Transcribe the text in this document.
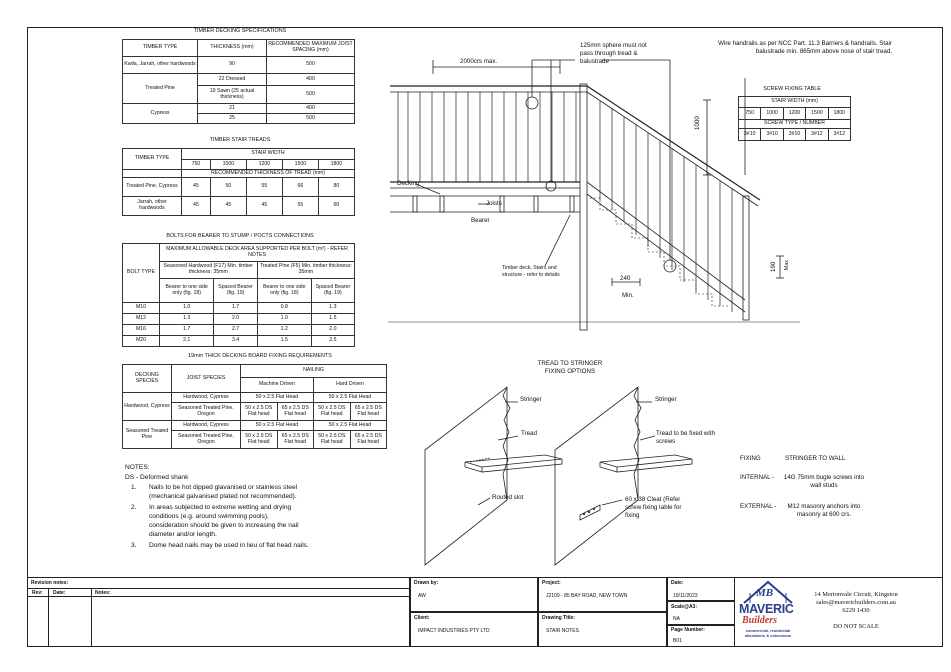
TIMBER DECKING SPECIFICATIONS
TIMBER TYPE	THICKNESS (mm)	RECOMMENDED MAXIMUM JOIST SPACING (mm)
Kwila, Jarrah, other hardwoods	90	500
Treated Pine	22 Dressed	400
	19 Sawn (25 actual thickness)	500
Cypress	21	400
	25	500
TIMBER STAIR TREADS
TIMBER TYPE	STAIR WIDTH				
	750	1000	1200	1500	1800
	RECOMMENDED THICKNESS OF TREAD (mm)				
Treated Pine, Cypress	45	50	55	66	80
Jarrah, other hardwoods	45	45	45	55	60
BOLTS FOR BEARER TO STUMP / POCTS CONNECTIONS
BOLT TYPE	MAXIMUM ALLOWABLE DECK AREA SUPPORTED PER BOLT (m²) - REFER NOTES			
	Seasoned Hardwood (F17) Min. timber thickness: 35mm		Treated Pine (F5) Min. timber thickness: 35mm	
	Bearer to one side only (fig. 18)	Spaced Bearer (fig. 19)	Bearer to one side only (fig. 18)	Spaced Bearer (fig. 19)
M10	1.0	1.7	0.8	1.3
M12	1.3	2.0	1.0	1.5
M16	1.7	2.7	1.2	2.0
M20	2.1	3.4	1.5	2.5
19mm THICK DECKING BOARD FIXING REQUIREMENTS
DECKING SPECIES	JOIST SPECIES	NAILING			
		Machine Driven		Hard Driven	
Hardwood, Cypress	Hardwood, Cypress	50 x 2.5 Flat Head		50 x 2.5 Flat Head	
	Seasoned Treated Pine, Oregon	50 x 2.5 DS Flat head	65 x 2.5 DS Flat head	50 x 2.5 DS Flat head	65 x 2.5 DS Flat head
Seasoned Treated Pine	Hardwood, Cypress	50 x 2.5 Flat Head		50 x 2.5 Flat Head	
	Seasoned Treated Pine, Oregon	50 x 2.5 DS Flat head	65 x 2.5 DS Flat head	50 x 2.5 DS Flat head	65 x 2.5 DS Flat head
NOTES:
DS - Deformed shank
1. Nails to be hot dipped glavanised or stainless steel (mechanical galvanised plated not recommended).
2. In areas subjected to extreme wetting and drying conditions (e.g. around swimming pools), consideration should be given to increasing the nail diameter and/or length.
3. Dome head nails may be used in lieu of flat head nails.
2000crs max.
125mm sphere must not pass through tread & balustrade
Wire handrails as per NCC Part. 11.3 Barriers & handrails. Stair balustrade min. 865mm above nose of stair tread.
1000
Decking
Joists
Bearer
Timber deck, Stairs and structure - refer to details
240
Min.
190 Max
SCREW FIXING TABLE
STAIR WIDTH (mm)				
750	1000	1200	1500	1800
SCREW TYPE / NUMBER				
3#10	3#10	3#10	3#12	3#12
TREAD TO STRINGER FIXING OPTIONS
Stringer
Tread
Routed slot
Stringer
Tread to be fixed with screws
60 x 38 Cleat (Refer screw fixing table for fixing
FIXING	STRINGER TO WALL
INTERNAL -	14G 75mm bugle screws into wall studs
EXTERNAL -	M12 masonry anchors into masonry at 600 crs.
Revision notes:
Rev: Date:	Notes:
Drawn by:
AW
Project:
J2109 - 85 BAY ROAD, NEW TOWN
Client:
IMPACT INDUSTRIES PTY LTD
Drawing Title:
STAIR NOTES
Date:
19/11/2023
Scale@A3:
NA
Page Number:
B01
MB
MAVERIC
Builders
commercial, residential alterations & extensions
14 Mertonvale Circuit, Kingston
sales@mavericbuilders.com.au
6229 1430
DO NOT SCALE
